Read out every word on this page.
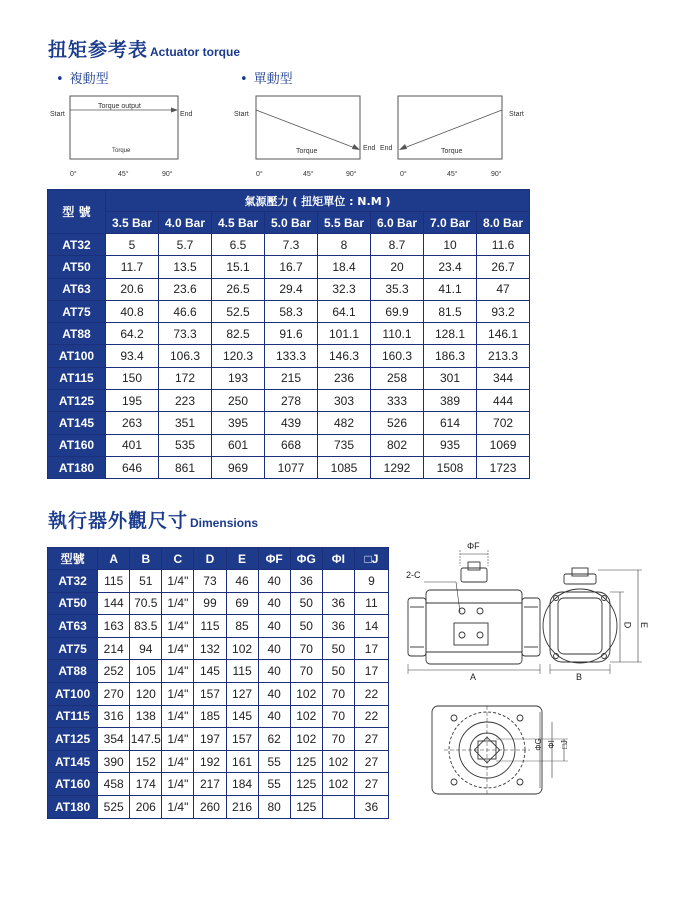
扭矩参考表 Actuator torque
• 複動型	• 單動型
Start	End
Torque output
Torque
0°	45°	90°
Start
End
Torque
0°	45°	90°
Start
End	Torque
0°	45°	90°
型 號	氣源壓力 ( 扭矩單位 : N.M )							
	3.5 Bar	4.0 Bar	4.5 Bar	5.0 Bar	5.5 Bar	6.0 Bar	7.0 Bar	8.0 Bar
AT32	5	5.7	6.5	7.3	8	8.7	10	11.6
AT50	11.7	13.5	15.1	16.7	18.4	20	23.4	26.7
AT63	20.6	23.6	26.5	29.4	32.3	35.3	41.1	47
AT75	40.8	46.6	52.5	58.3	64.1	69.9	81.5	93.2
AT88	64.2	73.3	82.5	91.6	101.1	110.1	128.1	146.1
AT100	93.4	106.3	120.3	133.3	146.3	160.3	186.3	213.3
AT115	150	172	193	215	236	258	301	344
AT125	195	223	250	278	303	333	389	444
AT145	263	351	395	439	482	526	614	702
AT160	401	535	601	668	735	802	935	1069
AT180	646	861	969	1077	1085	1292	1508	1723
執行器外觀尺寸 Dimensions
型號	A	B	C	D	E	ΦF	ΦG	ΦI	□J
AT32	115	51	1/4"	73	46	40	36		9
AT50	144	70.5	1/4"	99	69	40	50	36	11
AT63	163	83.5	1/4"	115	85	40	50	36	14
AT75	214	94	1/4"	132	102	40	70	50	17
AT88	252	105	1/4"	145	115	40	70	50	17
AT100	270	120	1/4"	157	127	40	102	70	22
AT115	316	138	1/4"	185	145	40	102	70	22
AT125	354	147.5	1/4"	197	157	62	102	70	27
AT145	390	152	1/4"	192	161	55	125	102	27
AT160	458	174	1/4"	217	184	55	125	102	27
AT180	525	206	1/4"	260	216	80	125		36
ΦF
2-C
A	B
D E
ΦG ΦI □J
